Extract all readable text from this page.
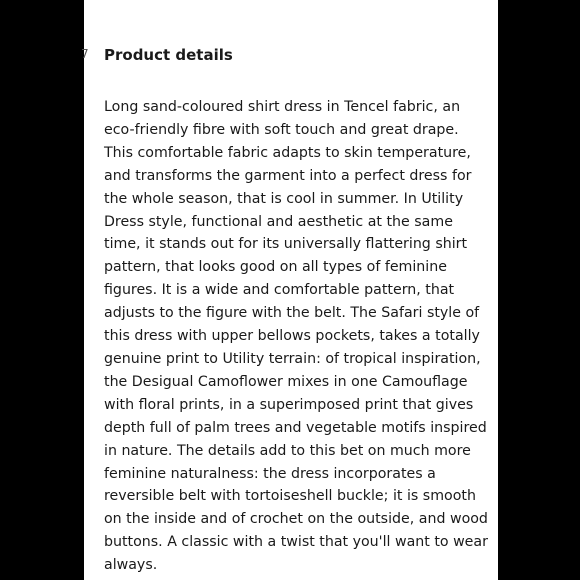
7 Product details

Long sand-coloured shirt dress in Tencel fabric, an eco-friendly fibre with soft touch and great drape. This comfortable fabric adapts to skin temperature, and transforms the garment into a perfect dress for the whole season, that is cool in summer. In Utility Dress style, functional and aesthetic at the same time, it stands out for its universally flattering shirt pattern, that looks good on all types of feminine figures. It is a wide and comfortable pattern, that adjusts to the figure with the belt. The Safari style of this dress with upper bellows pockets, takes a totally genuine print to Utility terrain: of tropical inspiration, the Desigual Camoflower mixes in one Camouflage with floral prints, in a superimposed print that gives depth full of palm trees and vegetable motifs inspired in nature. The details add to this bet on much more feminine naturalness: the dress incorporates a reversible belt with tortoiseshell buckle; it is smooth on the inside and of crochet on the outside, and wood buttons. A classic with a twist that you'll want to wear always.
